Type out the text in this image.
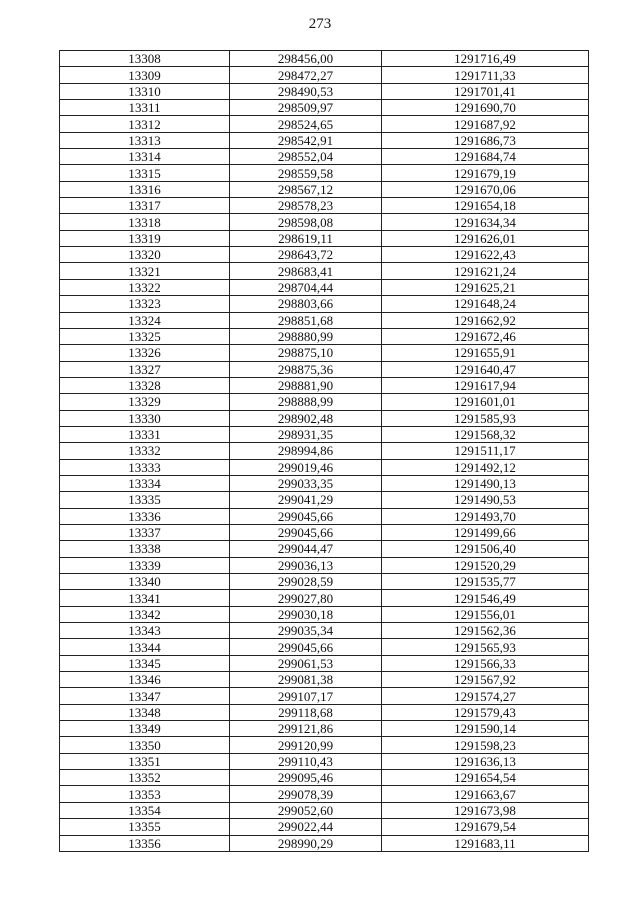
273
13308	298456,00	1291716,49
13309	298472,27	1291711,33
13310	298490,53	1291701,41
13311	298509,97	1291690,70
13312	298524,65	1291687,92
13313	298542,91	1291686,73
13314	298552,04	1291684,74
13315	298559,58	1291679,19
13316	298567,12	1291670,06
13317	298578,23	1291654,18
13318	298598,08	1291634,34
13319	298619,11	1291626,01
13320	298643,72	1291622,43
13321	298683,41	1291621,24
13322	298704,44	1291625,21
13323	298803,66	1291648,24
13324	298851,68	1291662,92
13325	298880,99	1291672,46
13326	298875,10	1291655,91
13327	298875,36	1291640,47
13328	298881,90	1291617,94
13329	298888,99	1291601,01
13330	298902,48	1291585,93
13331	298931,35	1291568,32
13332	298994,86	1291511,17
13333	299019,46	1291492,12
13334	299033,35	1291490,13
13335	299041,29	1291490,53
13336	299045,66	1291493,70
13337	299045,66	1291499,66
13338	299044,47	1291506,40
13339	299036,13	1291520,29
13340	299028,59	1291535,77
13341	299027,80	1291546,49
13342	299030,18	1291556,01
13343	299035,34	1291562,36
13344	299045,66	1291565,93
13345	299061,53	1291566,33
13346	299081,38	1291567,92
13347	299107,17	1291574,27
13348	299118,68	1291579,43
13349	299121,86	1291590,14
13350	299120,99	1291598,23
13351	299110,43	1291636,13
13352	299095,46	1291654,54
13353	299078,39	1291663,67
13354	299052,60	1291673,98
13355	299022,44	1291679,54
13356	298990,29	1291683,11
